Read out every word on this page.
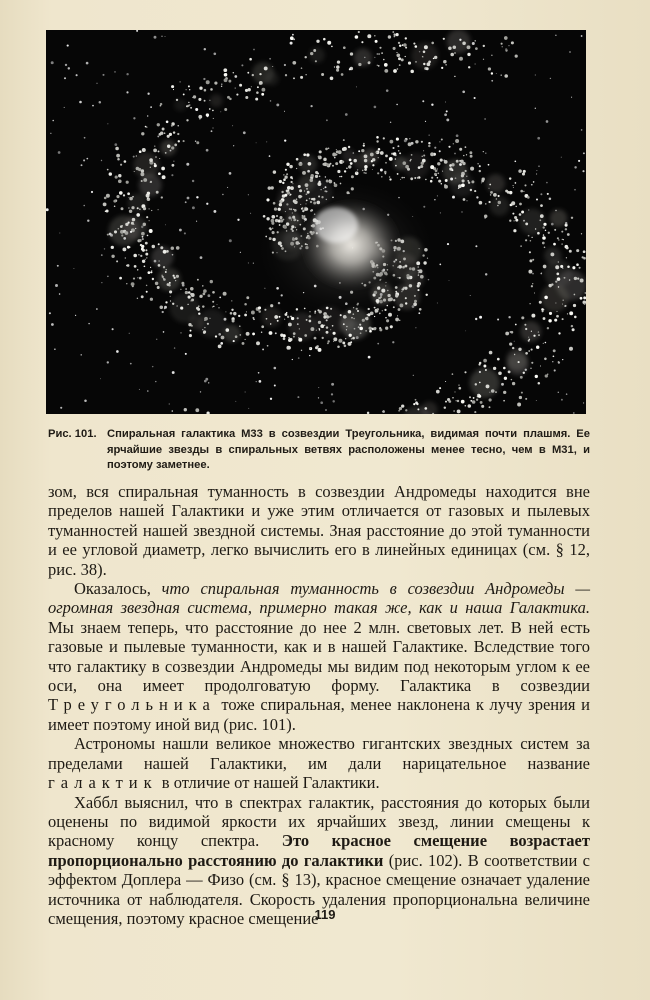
Рис. 101. Спиральная галактика М33 в созвездии Треугольника, видимая почти плашмя. Ее ярчайшие звезды в спиральных ветвях расположены менее тесно, чем в М31, и поэтому заметнее.

зом, вся спиральная туманность в созвездии Андромеды находится вне пределов нашей Галактики и уже этим отличается от газовых и пылевых туманностей нашей звездной системы. Зная расстояние до этой туманности и ее угловой диаметр, легко вычислить его в линейных единицах (см. § 12, рис. 38).

Оказалось, что спиральная туманность в созвездии Андромеды — огромная звездная система, примерно такая же, как и наша Галактика. Мы знаем теперь, что расстояние до нее 2 млн. световых лет. В ней есть газовые и пылевые туманности, как и в нашей Галактике. Вследствие того что галактику в созвездии Андромеды мы видим под некоторым углом к ее оси, она имеет продолговатую форму. Галактика в созвездии Треугольника тоже спиральная, менее наклонена к лучу зрения и имеет поэтому иной вид (рис. 101).

Астрономы нашли великое множество гигантских звездных систем за пределами нашей Галактики, им дали нарицательное название галактик в отличие от нашей Галактики.

Хаббл выяснил, что в спектрах галактик, расстояния до которых были оценены по видимой яркости их ярчайших звезд, линии смещены к красному концу спектра. Это красное смещение возрастает пропорционально расстоянию до галактики (рис. 102). В соответствии с эффектом Доплера — Физо (см. § 13), красное смещение означает удаление источника от наблюдателя. Скорость удаления пропорциональна величине смещения, поэтому красное смещение

119
